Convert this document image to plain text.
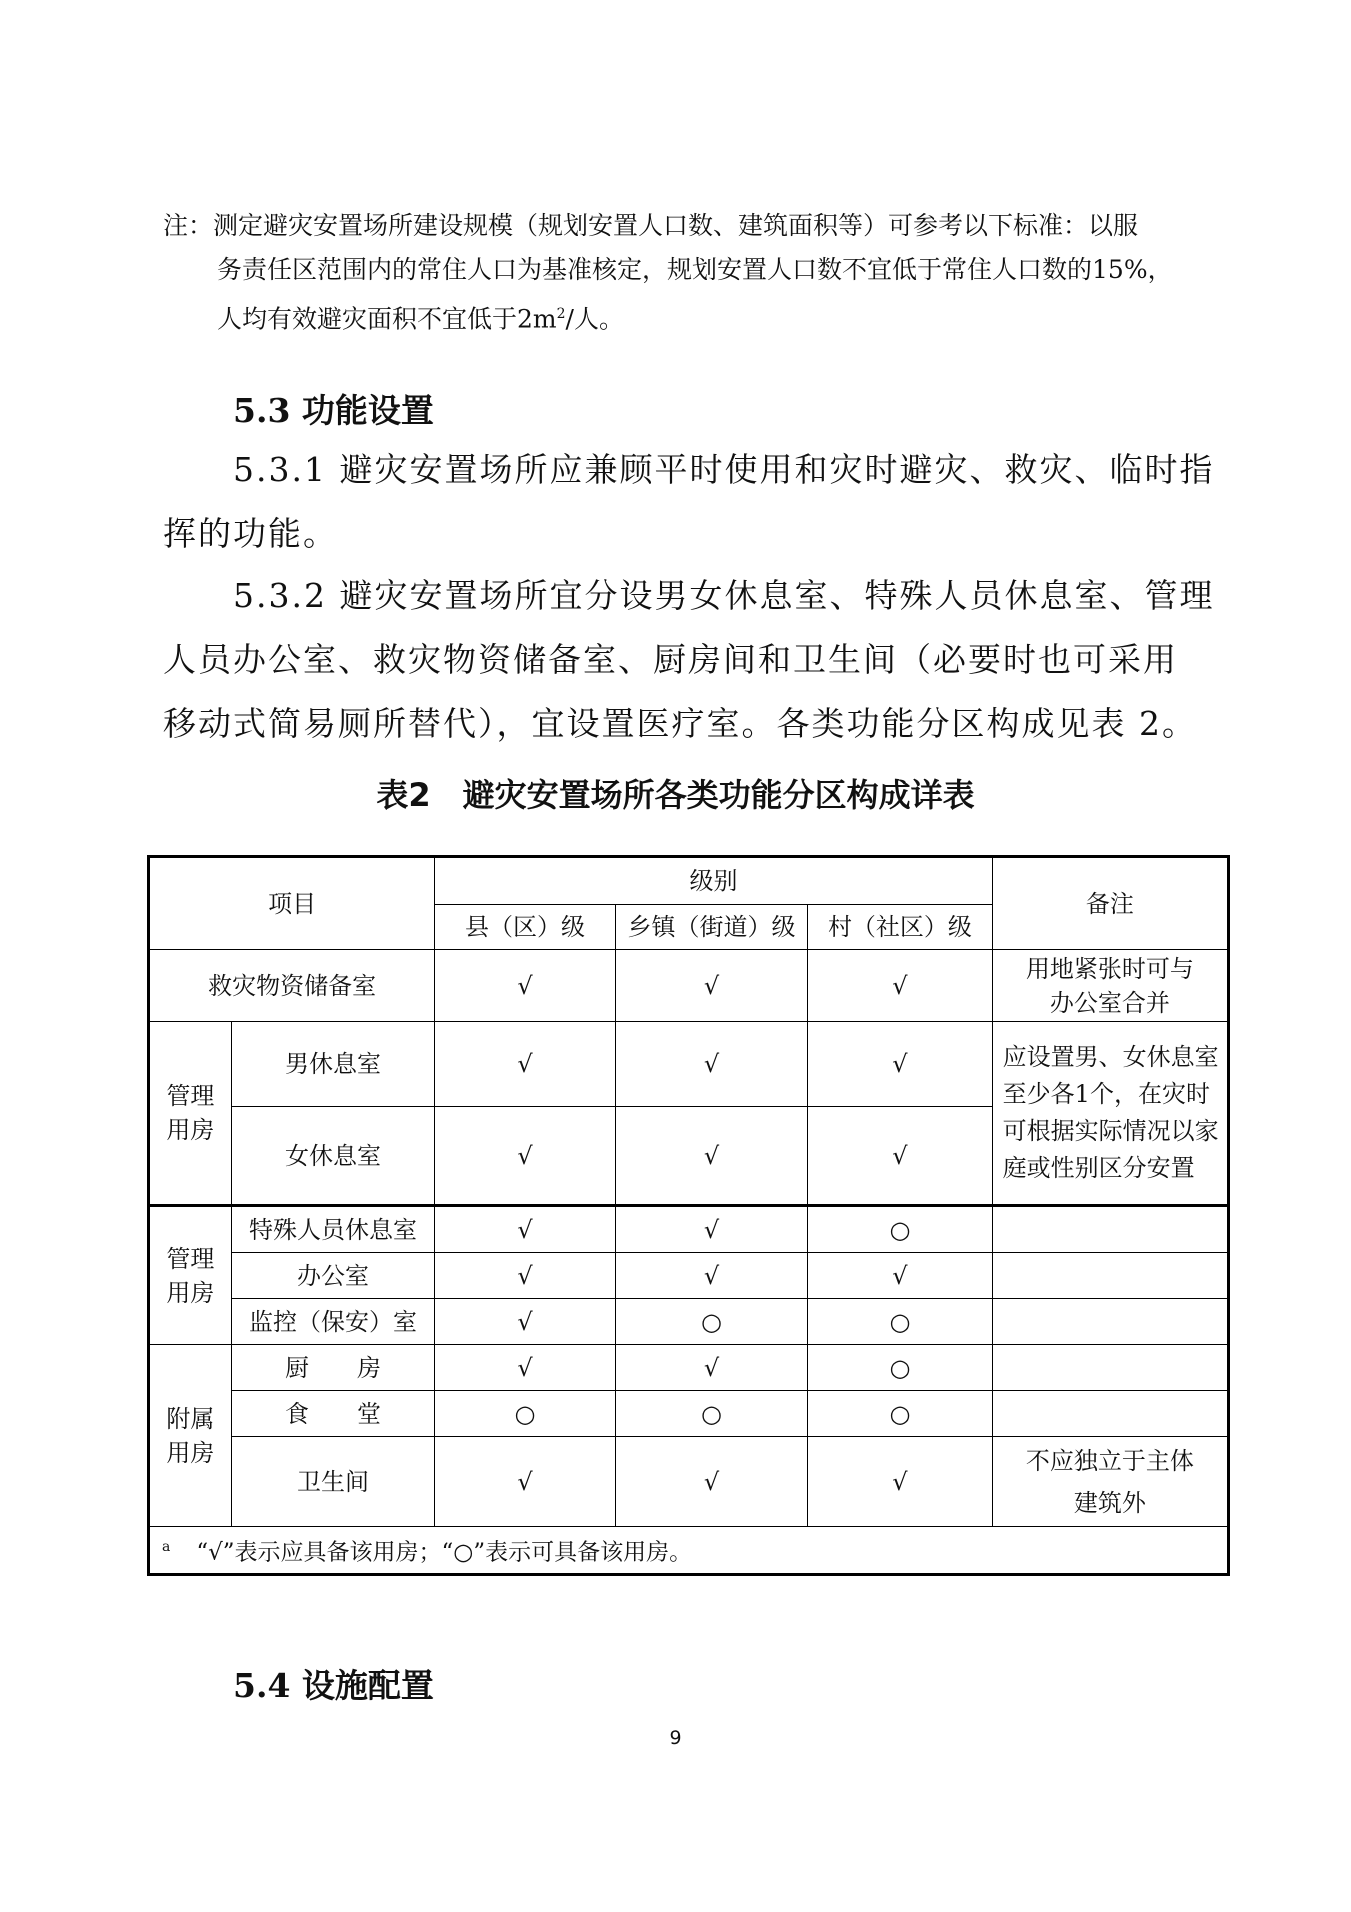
注：测定避灾安置场所建设规模（规划安置人口数、建筑面积等）可参考以下标准：以服
务责任区范围内的常住人口为基准核定，规划安置人口数不宜低于常住人口数的15%，
人均有效避灾面积不宜低于$2m^2/$人。
5.3 功能设置
5.3.1 避灾安置场所应兼顾平时使用和灾时避灾、救灾、临时指
挥的功能。
5.3.2 避灾安置场所宜分设男女休息室、特殊人员休息室、管理
人员办公室、救灾物资储备室、厨房间和卫生间（必要时也可采用
移动式简易厕所替代），宜设置医疗室。各类功能分区构成见表 2。
表2　避灾安置场所各类功能分区构成详表
项目		级别			备注
		县（区）级	乡镇（街道）级	村（社区）级	
救灾物资储备室		√	√	√	用地紧张时可与
办公室合并

管理
用房	男休息室	√	√	√	应设置男、女休息室至少各1个，在灾时可根据实际情况以家庭或性别区分安置
	女休息室	√	√	√	
管理
用房	特殊人员休息室	√	√	○	
	办公室	√	√	√	
	监控（保安）室	√	○	○	
附属
用房	厨　　房	√	√	○	
	食　　堂	○	○	○	
	卫生间	√	√	√	不应独立于主体
建筑外

$^a$ “√”表示应具备该用房；“○”表示可具备该用房。					
5.4 设施配置
9
